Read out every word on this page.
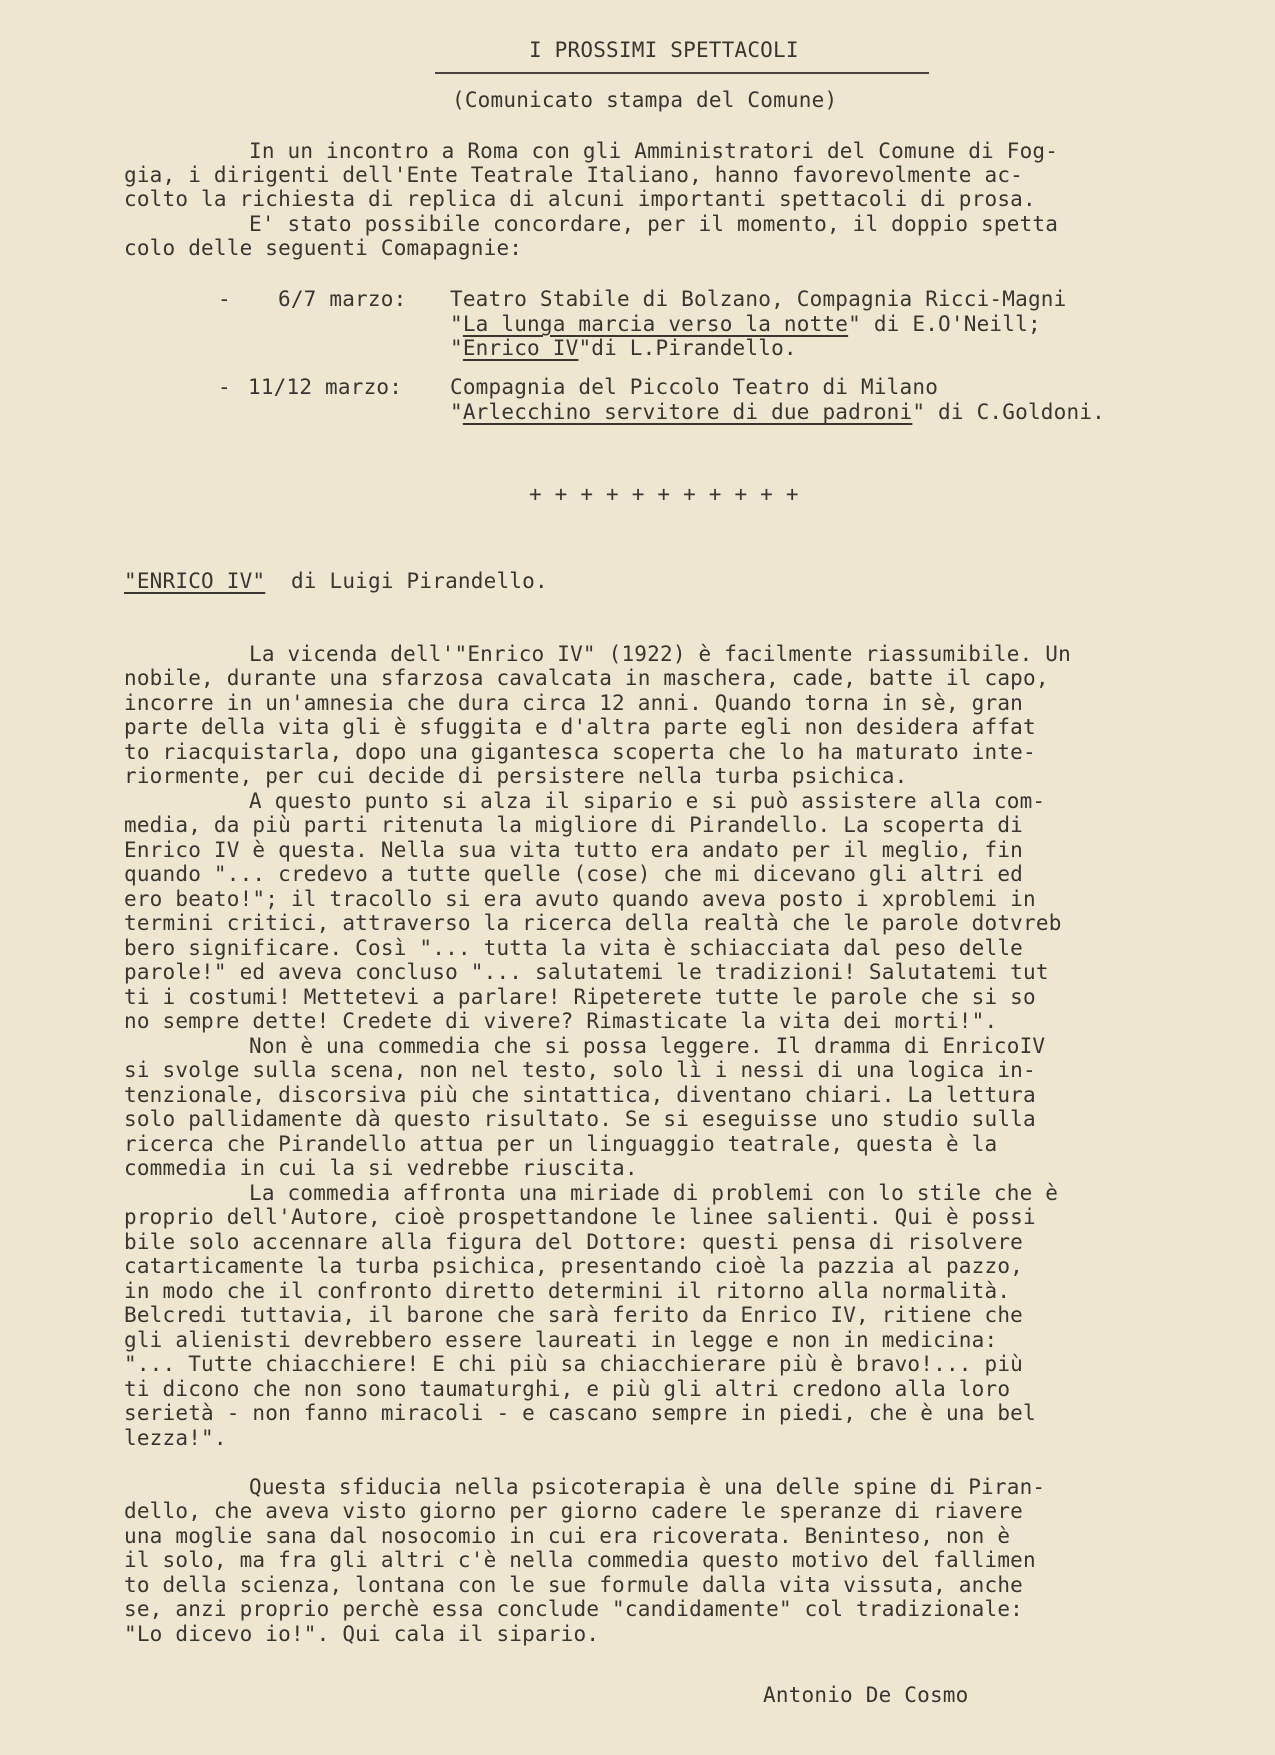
I PROSSIMI SPETTACOLI
(Comunicato stampa del Comune)
In un incontro a Roma con gli Amministratori del Comune di Fog-
gia, i dirigenti dell'Ente Teatrale Italiano, hanno favorevolmente ac-
colto la richiesta di replica di alcuni importanti spettacoli di prosa.
E' stato possibile concordare, per il momento, il doppio spetta
colo delle seguenti Comapagnie:
- 6/7 marzo: Teatro Stabile di Bolzano, Compagnia Ricci-Magni
"La lunga marcia verso la notte" di E.O'Neill;
"Enrico IV"di L.Pirandello.
- 11/12 marzo: Compagnia del Piccolo Teatro di Milano
"Arlecchino servitore di due padroni" di C.Goldoni.
+ + + + + + + + + + +
"ENRICO IV" di Luigi Pirandello.
La vicenda dell'"Enrico IV" (1922) è facilmente riassumibile. Un
nobile, durante una sfarzosa cavalcata in maschera, cade, batte il capo,
incorre in un'amnesia che dura circa 12 anni. Quando torna in sè, gran
parte della vita gli è sfuggita e d'altra parte egli non desidera affat
to riacquistarla, dopo una gigantesca scoperta che lo ha maturato inte-
riormente, per cui decide di persistere nella turba psichica.
A questo punto si alza il sipario e si può assistere alla com-
media, da più parti ritenuta la migliore di Pirandello. La scoperta di
Enrico IV è questa. Nella sua vita tutto era andato per il meglio, fin
quando "... credevo a tutte quelle (cose) che mi dicevano gli altri ed
ero beato!"; il tracollo si era avuto quando aveva posto i xproblemi in
termini critici, attraverso la ricerca della realtà che le parole dotvreb
bero significare. Così "... tutta la vita è schiacciata dal peso delle
parole!" ed aveva concluso "... salutatemi le tradizioni! Salutatemi tut
ti i costumi! Mettetevi a parlare! Ripeterete tutte le parole che si so
no sempre dette! Credete di vivere? Rimasticate la vita dei morti!".
Non è una commedia che si possa leggere. Il dramma di EnricoIV
si svolge sulla scena, non nel testo, solo lì i nessi di una logica in-
tenzionale, discorsiva più che sintattica, diventano chiari. La lettura
solo pallidamente dà questo risultato. Se si eseguisse uno studio sulla
ricerca che Pirandello attua per un linguaggio teatrale, questa è la
commedia in cui la si vedrebbe riuscita.
La commedia affronta una miriade di problemi con lo stile che è
proprio dell'Autore, cioè prospettandone le linee salienti. Qui è possi
bile solo accennare alla figura del Dottore: questi pensa di risolvere
catarticamente la turba psichica, presentando cioè la pazzia al pazzo,
in modo che il confronto diretto determini il ritorno alla normalità.
Belcredi tuttavia, il barone che sarà ferito da Enrico IV, ritiene che
gli alienisti devrebbero essere laureati in legge e non in medicina:
"... Tutte chiacchiere! E chi più sa chiacchierare più è bravo!... più
ti dicono che non sono taumaturghi, e più gli altri credono alla loro
serietà - non fanno miracoli - e cascano sempre in piedi, che è una bel
lezza!".
Questa sfiducia nella psicoterapia è una delle spine di Piran-
dello, che aveva visto giorno per giorno cadere le speranze di riavere
una moglie sana dal nosocomio in cui era ricoverata. Beninteso, non è
il solo, ma fra gli altri c'è nella commedia questo motivo del fallimen
to della scienza, lontana con le sue formule dalla vita vissuta, anche
se, anzi proprio perchè essa conclude "candidamente" col tradizionale:
"Lo dicevo io!". Qui cala il sipario.
Antonio De Cosmo
